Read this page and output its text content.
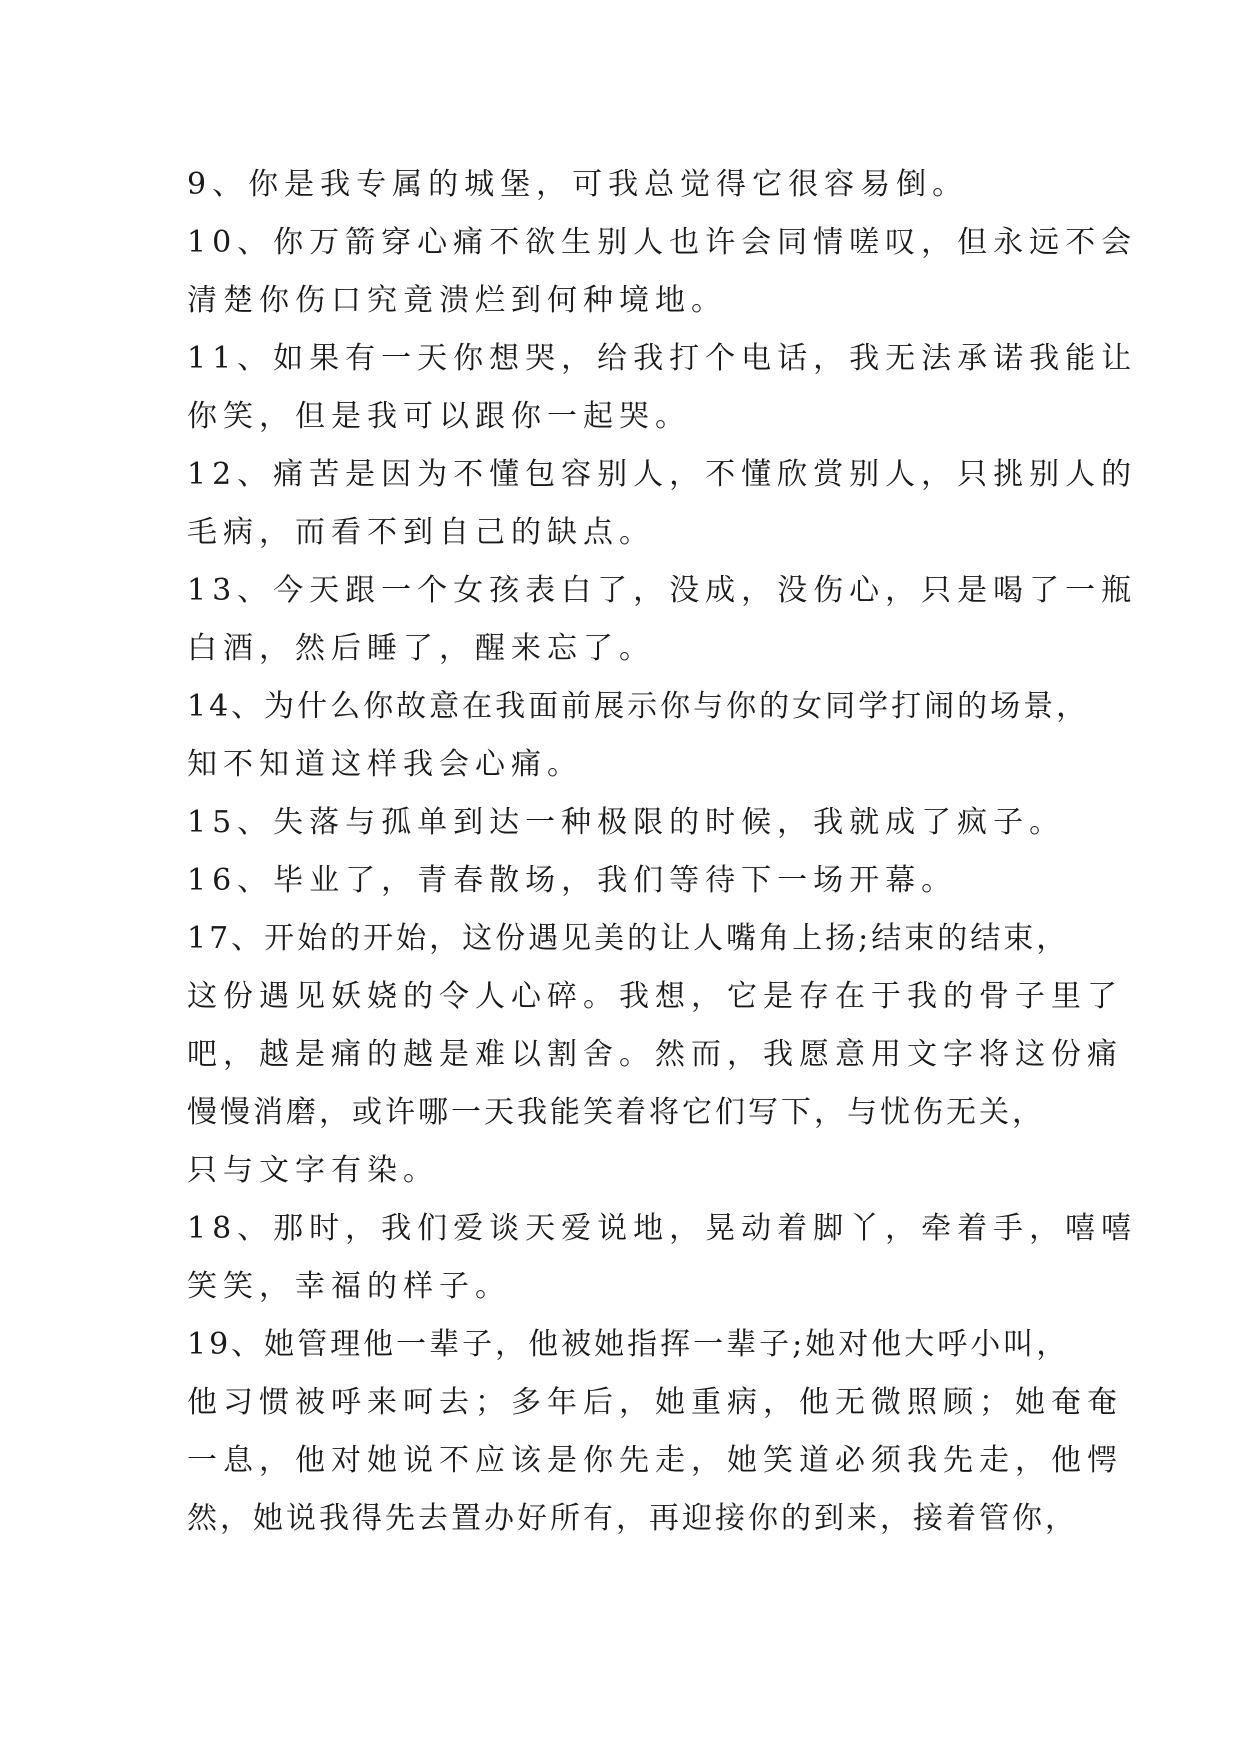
9、你是我专属的城堡，可我总觉得它很容易倒。
10、你万箭穿心痛不欲生别人也许会同情嗟叹，但永远不会
清楚你伤口究竟溃烂到何种境地。
11、如果有一天你想哭，给我打个电话，我无法承诺我能让
你笑，但是我可以跟你一起哭。
12、痛苦是因为不懂包容别人，不懂欣赏别人，只挑别人的
毛病，而看不到自己的缺点。
13、今天跟一个女孩表白了，没成，没伤心，只是喝了一瓶
白酒，然后睡了，醒来忘了。
14、为什么你故意在我面前展示你与你的女同学打闹的场景，
知不知道这样我会心痛。
15、失落与孤单到达一种极限的时候，我就成了疯子。
16、毕业了，青春散场，我们等待下一场开幕。
17、开始的开始，这份遇见美的让人嘴角上扬;结束的结束，
这份遇见妖娆的令人心碎。我想，它是存在于我的骨子里了
吧，越是痛的越是难以割舍。然而，我愿意用文字将这份痛
慢慢消磨，或许哪一天我能笑着将它们写下，与忧伤无关，
只与文字有染。
18、那时，我们爱谈天爱说地，晃动着脚丫，牵着手，嘻嘻
笑笑，幸福的样子。
19、她管理他一辈子，他被她指挥一辈子;她对他大呼小叫，
他习惯被呼来呵去；多年后，她重病，他无微照顾；她奄奄
一息，他对她说不应该是你先走，她笑道必须我先走，他愕
然，她说我得先去置办好所有，再迎接你的到来，接着管你，
